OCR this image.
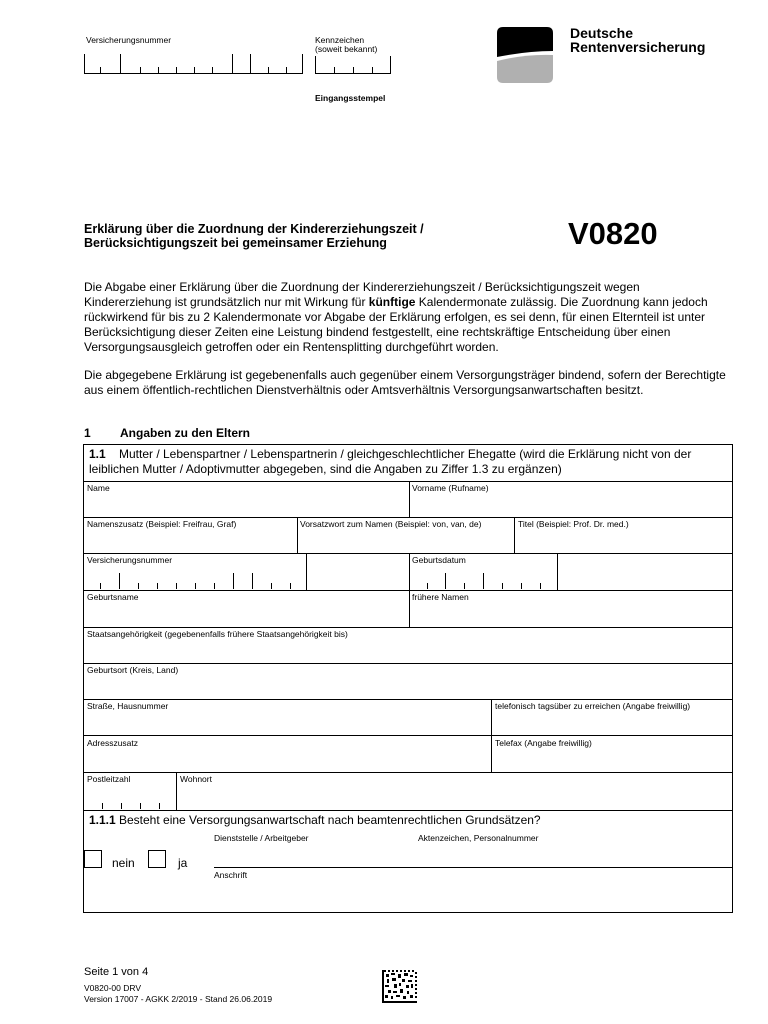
Versicherungsnummer	Kennzeichen
(soweit bekannt)
Eingangsstempel
Deutsche
Rentenversicherung
Erklärung über die Zuordnung der Kindererziehungszeit /
Berücksichtigungszeit bei gemeinsamer Erziehung	V0820
Die Abgabe einer Erklärung über die Zuordnung der Kindererziehungszeit / Berücksichtigungszeit wegen Kindererziehung ist grundsätzlich nur mit Wirkung für künftige Kalendermonate zulässig. Die Zuordnung kann jedoch rückwirkend für bis zu 2 Kalendermonate vor Abgabe der Erklärung erfolgen, es sei denn, für einen Elternteil ist unter Berücksichtigung dieser Zeiten eine Leistung bindend festgestellt, eine rechtskräftige Entscheidung über einen Versorgungsausgleich getroffen oder ein Rentensplitting durchgeführt worden.
Die abgegebene Erklärung ist gegebenenfalls auch gegenüber einem Versorgungsträger bindend, sofern der Berechtigte aus einem öffentlich-rechtlichen Dienstverhältnis oder Amtsverhältnis Versorgungsanwartschaften besitzt.
1 Angaben zu den Eltern
1.1	Mutter / Lebenspartner / Lebenspartnerin / gleichgeschlechtlicher Ehegatte (wird die Erklärung nicht von der leiblichen Mutter / Adoptivmutter abgegeben, sind die Angaben zu Ziffer 1.3 zu ergänzen)
Name	Vorname (Rufname)
Namenszusatz (Beispiel: Freifrau, Graf)	Vorsatzwort zum Namen (Beispiel: von, van, de)	Titel (Beispiel: Prof. Dr. med.)
Versicherungsnummer	Geburtsdatum
Geburtsname	frühere Namen
Staatsangehörigkeit (gegebenenfalls frühere Staatsangehörigkeit bis)
Geburtsort (Kreis, Land)
Straße, Hausnummer	telefonisch tagsüber zu erreichen (Angabe freiwillig)
Adresszusatz	Telefax (Angabe freiwillig)
Postleitzahl	Wohnort
1.1.1 Besteht eine Versorgungsanwartschaft nach beamtenrechtlichen Grundsätzen?
Dienststelle / Arbeitgeber	Aktenzeichen, Personalnummer
Anschrift
nein	ja
Seite 1 von 4
V0820-00 DRV
Version 17007 - AGKK 2/2019 - Stand 26.06.2019
